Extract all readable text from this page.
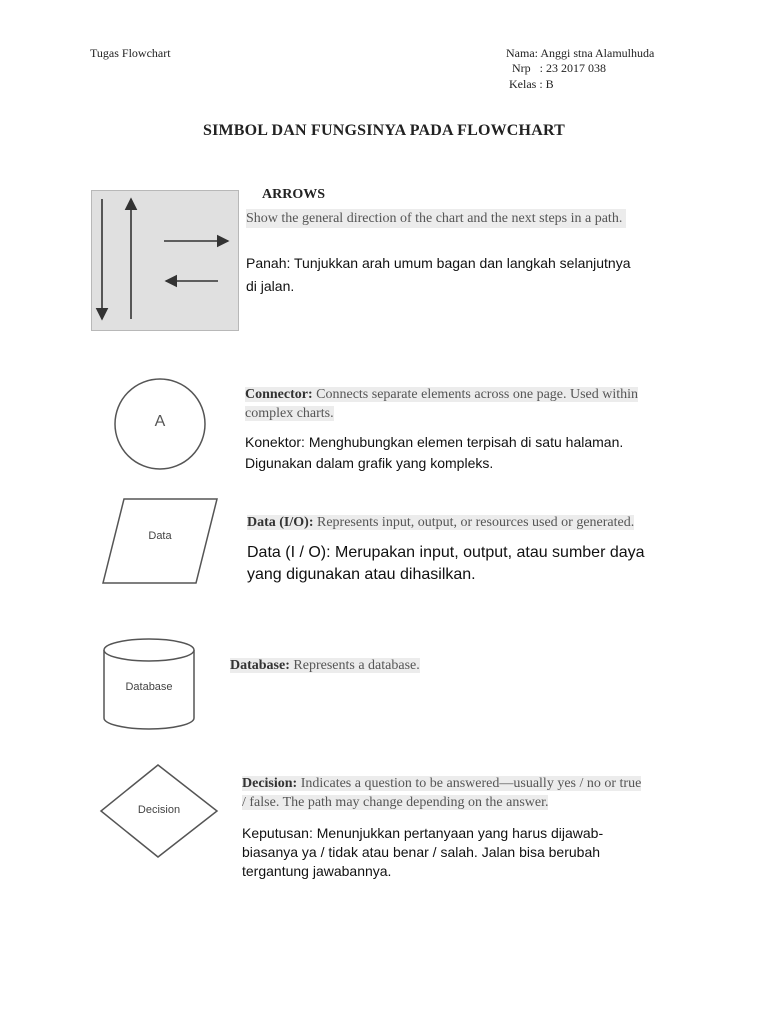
Tugas Flowchart	Nama: Anggi stna Alamulhuda
Nrp   : 23 2017 038
Kelas : B
SIMBOL DAN FUNGSINYA PADA FLOWCHART
ARROWS
Show the general direction of the chart and the next steps in a path.
Panah: Tunjukkan arah umum bagan dan langkah selanjutnya
di jalan.
A
Connector: Connects separate elements across one page. Used within
complex charts.
Konektor: Menghubungkan elemen terpisah di satu halaman.
Digunakan dalam grafik yang kompleks.
Data
Data (I/O): Represents input, output, or resources used or generated.
Data (I / O): Merupakan input, output, atau sumber daya
yang digunakan atau dihasilkan.
Database
Database: Represents a database.
Decision
Decision: Indicates a question to be answered—usually yes / no or true
/ false. The path may change depending on the answer.
Keputusan: Menunjukkan pertanyaan yang harus dijawab-
biasanya ya / tidak atau benar / salah. Jalan bisa berubah
tergantung jawabannya.
